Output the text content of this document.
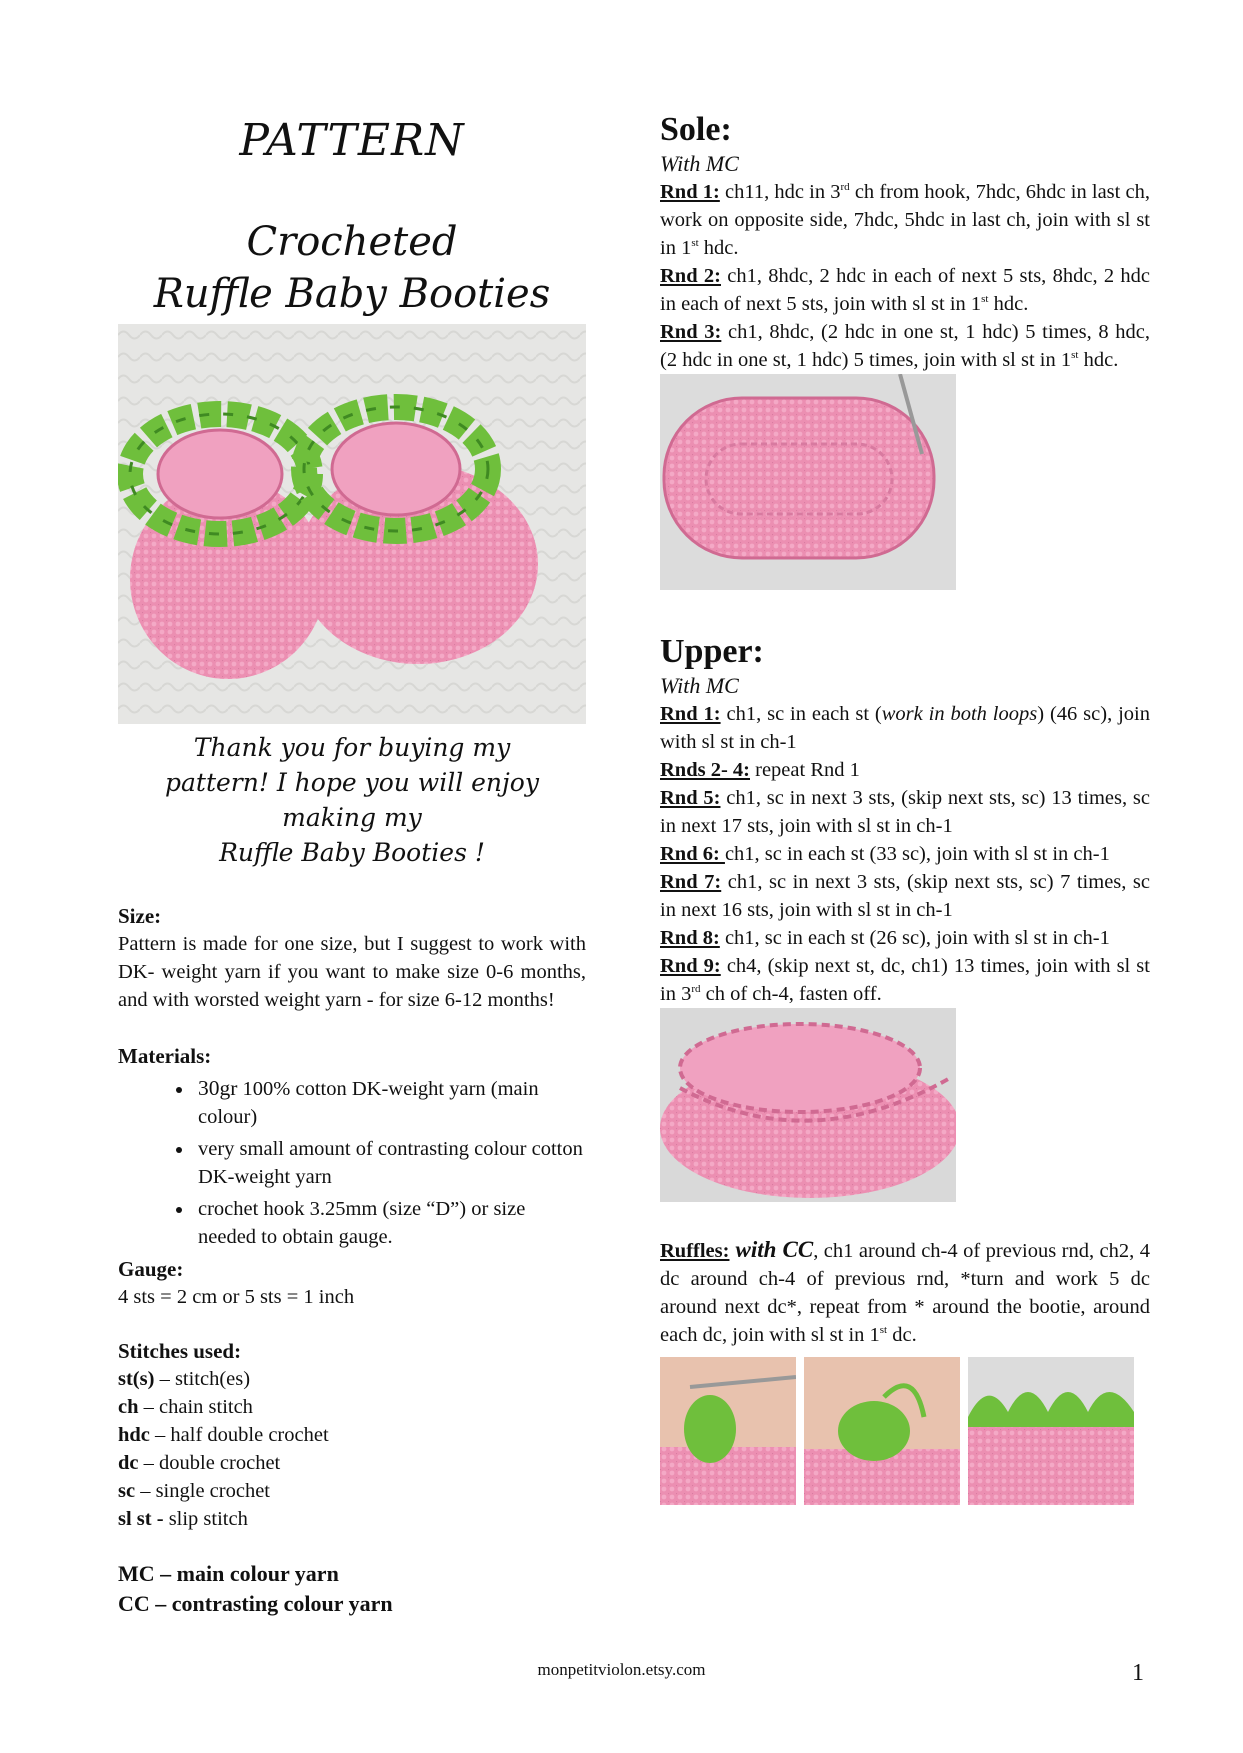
PATTERN
Crocheted
Ruffle Baby Booties
Thank you for buying my
pattern! I hope you will enjoy
making my
Ruffle Baby Booties !
Size:

Pattern is made for one size, but I suggest to work with DK- weight yarn if you want to make size 0-6 months, and with worsted weight yarn - for size 6-12 months!

Materials:
• 30gr 100% cotton DK-weight yarn (main colour)
• very small amount of contrasting colour cotton DK-weight yarn
• crochet hook 3.25mm (size “D”) or size needed to obtain gauge.
Gauge:

4 sts = 2 cm or 5 sts = 1 inch

Stitches used:
st(s) – stitch(es)
ch – chain stitch
hdc – half double crochet
dc – double crochet
sc – single crochet
sl st - slip stitch
MC – main colour yarn
CC – contrasting colour yarn
Sole:
With MC

Rnd 1: ch11, hdc in 3rd ch from hook, 7hdc, 6hdc in last ch, work on opposite side, 7hdc, 5hdc in last ch, join with sl st in 1st hdc.

Rnd 2: ch1, 8hdc, 2 hdc in each of next 5 sts, 8hdc, 2 hdc in each of next 5 sts, join with sl st in 1st hdc.

Rnd 3: ch1, 8hdc, (2 hdc in one st, 1 hdc) 5 times, 8 hdc, (2 hdc in one st, 1 hdc) 5 times, join with sl st in 1st hdc.

Upper:
With MC

Rnd 1: ch1, sc in each st (work in both loops) (46 sc), join with sl st in ch-1

Rnds 2- 4: repeat Rnd 1

Rnd 5: ch1, sc in next 3 sts, (skip next sts, sc) 13 times, sc in next 17 sts, join with sl st in ch-1

Rnd 6: ch1, sc in each st (33 sc), join with sl st in ch-1

Rnd 7: ch1, sc in next 3 sts, (skip next sts, sc) 7 times, sc in next 16 sts, join with sl st in ch-1

Rnd 8: ch1, sc in each st (26 sc), join with sl st in ch-1

Rnd 9: ch4, (skip next st, dc, ch1) 13 times, join with sl st in 3rd ch of ch-4, fasten off.

Ruffles: with CC, ch1 around ch-4 of previous rnd, ch2, 4 dc around ch-4 of previous rnd, *turn and work 5 dc around next dc*, repeat from * around the bootie, around each dc, join with sl st in 1st dc.

monpetitviolon.etsy.com	1
